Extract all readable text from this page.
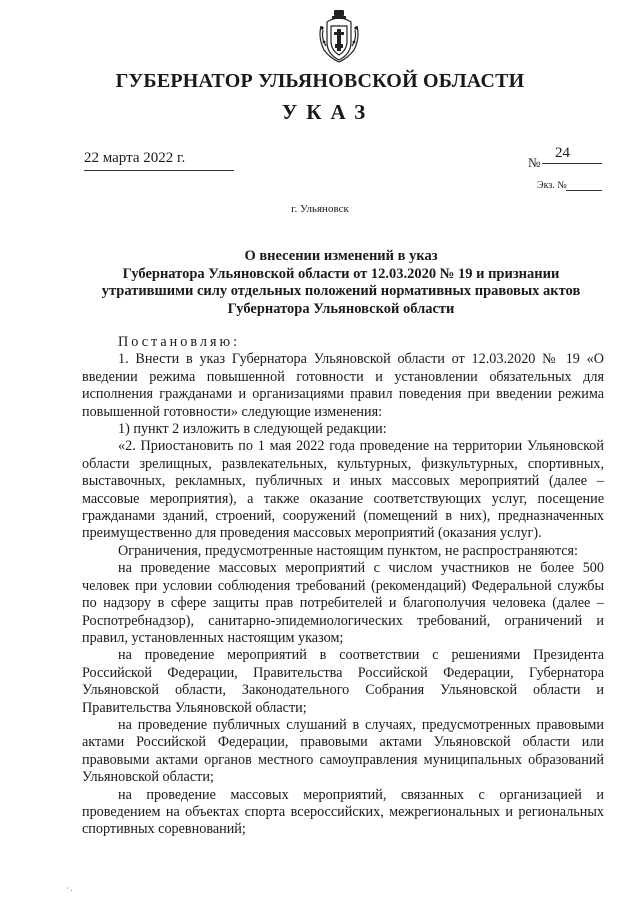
ГУБЕРНАТОР УЛЬЯНОВСКОЙ ОБЛАСТИ
УКАЗ
22 марта 2022 г.	№
24
Экз. №
г. Ульяновск
О внесении изменений в указ
Губернатора Ульяновской области от 12.03.2020 № 19 и признании
утратившими силу отдельных положений нормативных правовых актов
Губернатора Ульяновской области

Постановляю:

1. Внести в указ Губернатора Ульяновской области от 12.03.2020 № 19 «О введении режима повышенной готовности и установлении обязательных для исполнения гражданами и организациями правил поведения при введении режима повышенной готовности» следующие изменения:

1) пункт 2 изложить в следующей редакции:

«2. Приостановить по 1 мая 2022 года проведение на территории Ульяновской области зрелищных, развлекательных, культурных, физкультурных, спортивных, выставочных, рекламных, публичных и иных массовых мероприятий (далее – массовые мероприятия), а также оказание соответствующих услуг, посещение гражданами зданий, строений, сооружений (помещений в них), предназначенных преимущественно для проведения массовых мероприятий (оказания услуг).

Ограничения, предусмотренные настоящим пунктом, не распространяются:

на проведение массовых мероприятий с числом участников не более 500 человек при условии соблюдения требований (рекомендаций) Федеральной службы по надзору в сфере защиты прав потребителей и благополучия человека (далее – Роспотребнадзор), санитарно-эпидемиологических требований, ограничений и правил, установленных настоящим указом;

на проведение мероприятий в соответствии с решениями Президента Российской Федерации, Правительства Российской Федерации, Губернатора Ульяновской области, Законодательного Собрания Ульяновской области и Правительства Ульяновской области;

на проведение публичных слушаний в случаях, предусмотренных правовыми актами Российской Федерации, правовыми актами Ульяновской области или правовыми актами органов местного самоуправления муниципальных образований Ульяновской области;

на проведение массовых мероприятий, связанных с организацией и проведением на объектах спорта всероссийских, межрегиональных и региональных спортивных соревнований;

· .
